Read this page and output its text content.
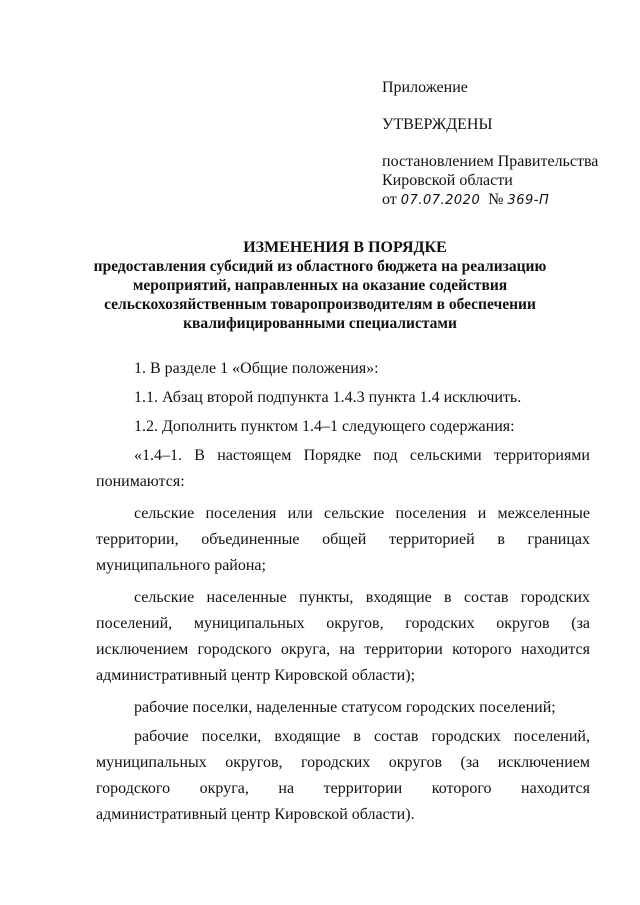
Приложение
УТВЕРЖДЕНЫ
постановлением Правительства
Кировской области
от 07.07.2020 № 369-П
ИЗМЕНЕНИЯ В ПОРЯДКЕ
предоставления субсидий из областного бюджета на реализацию
мероприятий, направленных на оказание содействия
сельскохозяйственным товаропроизводителям в обеспечении
квалифицированными специалистами

1. В разделе 1 «Общие положения»:

1.1. Абзац второй подпункта 1.4.3 пункта 1.4 исключить.

1.2. Дополнить пунктом 1.4–1 следующего содержания:

«1.4–1. В настоящем Порядке под сельскими территориями понимаются:

сельские поселения или сельские поселения и межселенные территории, объединенные общей территорией в границах муниципального района;

сельские населенные пункты, входящие в состав городских поселений, муниципальных округов, городских округов (за исключением городского округа, на территории которого находится административный центр Кировской области);

рабочие поселки, наделенные статусом городских поселений;

рабочие поселки, входящие в состав городских поселений, муниципальных округов, городских округов (за исключением городского округа, на территории которого находится административный центр Кировской области).
